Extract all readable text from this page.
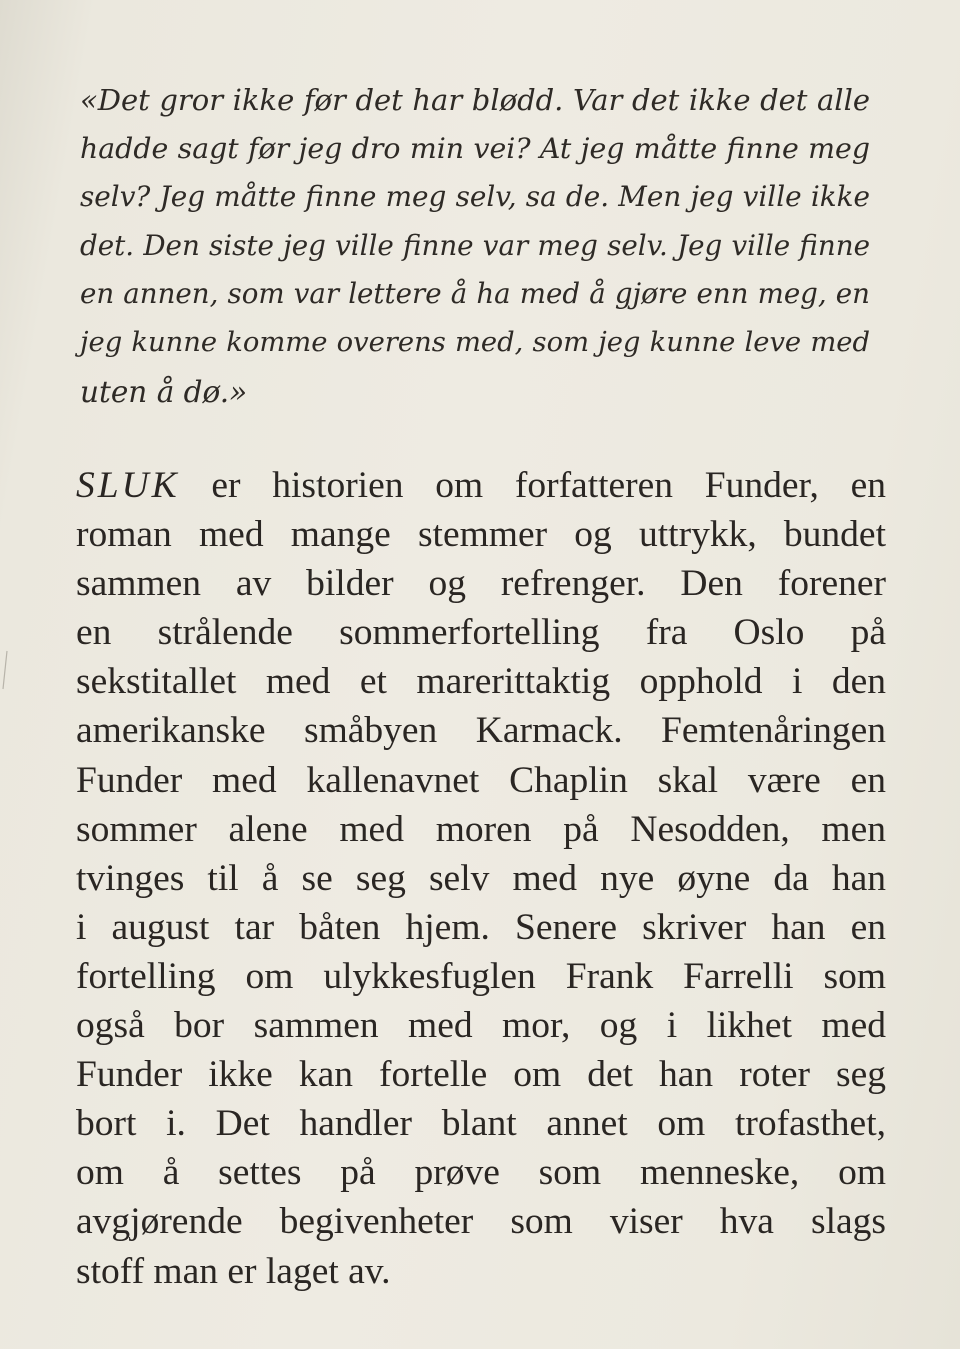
«Det gror ikke før det har blødd. Var det ikke det alle
hadde sagt før jeg dro min vei? At jeg måtte finne meg
selv? Jeg måtte finne meg selv, sa de. Men jeg ville ikke
det. Den siste jeg ville finne var meg selv. Jeg ville finne
en annen, som var lettere å ha med å gjøre enn meg, en
jeg kunne komme overens med, som jeg kunne leve med
uten å dø.»
SLUK er historien om forfatteren Funder, en
roman med mange stemmer og uttrykk, bundet
sammen av bilder og refrenger. Den forener
en strålende sommerfortelling fra Oslo på
sekstitallet med et marerittaktig opphold i den
amerikanske småbyen Karmack. Femtenåringen
Funder med kallenavnet Chaplin skal være en
sommer alene med moren på Nesodden, men
tvinges til å se seg selv med nye øyne da han
i august tar båten hjem. Senere skriver han en
fortelling om ulykkesfuglen Frank Farrelli som
også bor sammen med mor, og i likhet med
Funder ikke kan fortelle om det han roter seg
bort i. Det handler blant annet om trofasthet,
om å settes på prøve som menneske, om
avgjørende begivenheter som viser hva slags
stoff man er laget av.
